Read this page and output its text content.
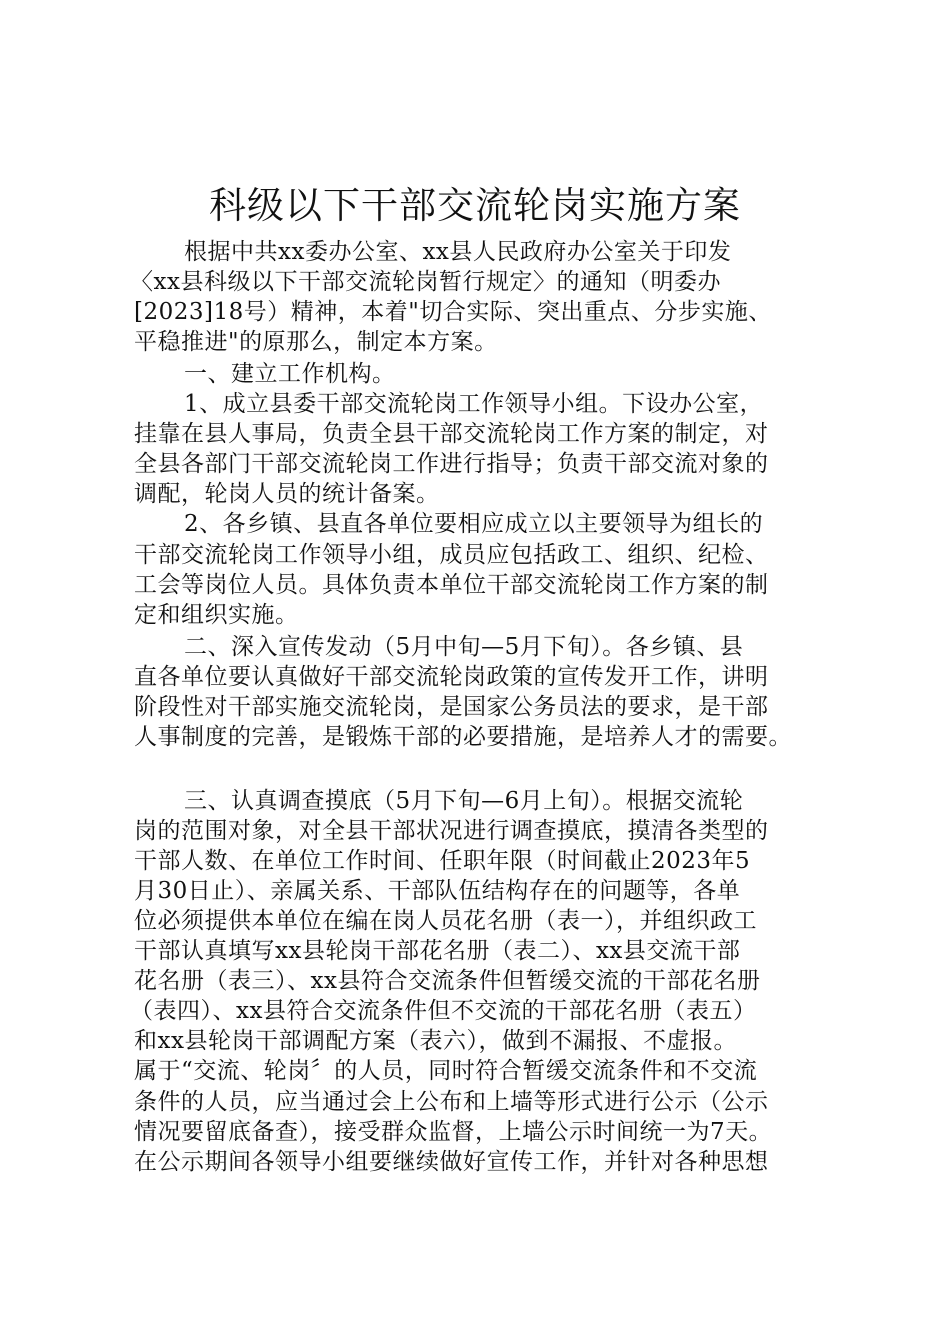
科级以下干部交流轮岗实施方案
根据中共xx委办公室、xx县人民政府办公室关于印发
〈xx县科级以下干部交流轮岗暂行规定〉的通知（明委办
[2023]18号）精神，本着"切合实际、突出重点、分步实施、
平稳推进"的原那么，制定本方案。
一、建立工作机构。
1、成立县委干部交流轮岗工作领导小组。下设办公室，
挂靠在县人事局，负责全县干部交流轮岗工作方案的制定，对
全县各部门干部交流轮岗工作进行指导；负责干部交流对象的
调配，轮岗人员的统计备案。
2、各乡镇、县直各单位要相应成立以主要领导为组长的
干部交流轮岗工作领导小组，成员应包括政工、组织、纪检、
工会等岗位人员。具体负责本单位干部交流轮岗工作方案的制
定和组织实施。
二、深入宣传发动（5月中旬—5月下旬）。各乡镇、县
直各单位要认真做好干部交流轮岗政策的宣传发开工作，讲明
阶段性对干部实施交流轮岗，是国家公务员法的要求，是干部
人事制度的完善，是锻炼干部的必要措施，是培养人才的需要。
三、认真调查摸底（5月下旬—6月上旬）。根据交流轮
岗的范围对象，对全县干部状况进行调查摸底，摸清各类型的
干部人数、在单位工作时间、任职年限（时间截止2023年5
月30日止）、亲属关系、干部队伍结构存在的问题等，各单
位必须提供本单位在编在岗人员花名册（表一），并组织政工
干部认真填写xx县轮岗干部花名册（表二）、xx县交流干部
花名册（表三）、xx县符合交流条件但暂缓交流的干部花名册
（表四）、xx县符合交流条件但不交流的干部花名册（表五）
和xx县轮岗干部调配方案（表六），做到不漏报、不虚报。
属于“交流、轮岗〞的人员，同时符合暂缓交流条件和不交流
条件的人员，应当通过会上公布和上墙等形式进行公示（公示
情况要留底备查），接受群众监督，上墙公示时间统一为7天。
在公示期间各领导小组要继续做好宣传工作，并针对各种思想
